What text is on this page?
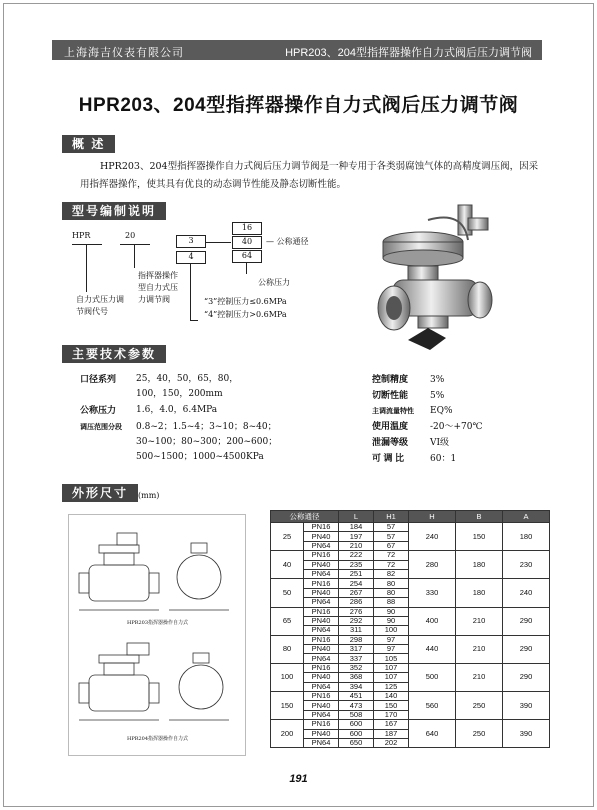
上海海吉仪表有限公司	HPR203、204型指挥器操作自力式阀后压力调节阀
HPR203、204型指挥器操作自力式阀后压力调节阀
概 述
HPR203、204型指挥器操作自力式阀后压力调节阀是一种专用于各类弱腐蚀气体的高精度调压阀，因采用指挥器操作，使其具有优良的动态调节性能及静态切断性能。
型号编制说明
HPR	20
3
4
16
40
64
— 公称通径
公称压力
指挥器操作型自力式压力调节阀
自力式压力调节阀代号
“3”控制压力≤0.6MPa
“4”控制压力>0.6MPa
主要技术参数
口径系列 25，40，50，65，80，
100，150，200mm
公称压力 1.6，4.0，6.4MPa
调压范围分段 0.8~2；1.5~4；3~10；8~40；
30~100；80~300；200~600；
500~1500；1000~4500KPa
控制精度 3%
切断性能 5%
主调流量特性 EQ%
使用温度 -20～+70℃
泄漏等级 VI级
可 调 比	60：1
外形尺寸	(mm)
HPR203指挥器操作自力式
HPR204指挥器操作自力式
公称通径		L	H1	H	B	A
25	PN16	184	57	240	150	180
	PN40	197	57			
	PN64	210	67			
40	PN16	222	72	280	180	230
	PN40	235	72			
	PN64	251	82			
50	PN16	254	80	330	180	240
	PN40	267	80			
	PN64	286	88			
65	PN16	276	90	400	210	290
	PN40	292	90			
	PN64	311	100			
80	PN16	298	97	440	210	290
	PN40	317	97			
	PN64	337	105			
100	PN16	352	107	500	210	290
	PN40	368	107			
	PN64	394	125			
150	PN16	451	140	560	250	390
	PN40	473	150			
	PN64	508	170			
200	PN16	600	167	640	250	390
	PN40	600	187			
	PN64	650	202			
191
